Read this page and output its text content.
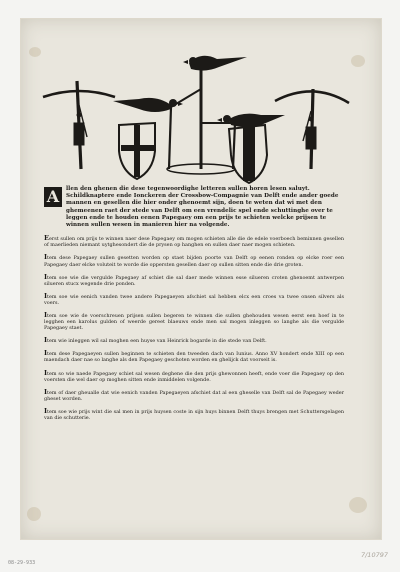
A	llen den ghenen die dese tegenwoordighe letteren sullen horen lesen saluyt. Schildknaptere ende Ionckeren der Crossbow-Compagnie van Delft ende ander goede mannen en gesellen die hier onder ghenoemt sijn, doen te weten dat wi met den ghemeenen raet der stede van Delft om een vrendelic spel ende schuttinghe over te leggen ende te houden eenen Papegaey om een prijs te schieten welcke prijsen te winnen sullen wesen in manieren hier na volgende.

Eerst sullen om prijs te winnen naer dese Papegaey om mogen schieten alle die de edele voerboech beminnen gesellen of maerlieden niemant uytghesondert die de prysen op hanghen en sullen daer naer mogen schieten.

Item dese Papegaey sullen gesetten worden op staet bijden poorte van Delft op eenen ronden op elcke roer een Papegaey daer elcke voluteit te worde die oppersten gesellen daer op sullen sitten ende die drie groten.

Item soe wie die vergulde Papegaey af schiet die sal daer mede winnen esse silueren croten ghenoemt antwerpen silueren stucx wegende drie ponden.

Item soe wie eenich vanden twee andere Papegaeyen afschiet sal hebben elcx een croes va twee onsen silvers als voers.

Item soe wie de voerschreuen prijsen sullen begeren te winnen die sullen ghehouden wesen eerst een hoef in te legghen een karolus gulden of weerde gereet blaeuws ende men sal mogen inleggen so langhe als die vergulde Papegaey staet.

Item wie inleggen wil sal moghen een huyse van Heinrick bogarde in die stede van Delft.

Item dese Papegaeyen sullen beginnen te schieten den tweeden dach van Iunius. Anno XV hondert ende XIII op een maendach daer nae so langhe als den Papegaey geschoten worden en ghelijck dat voorseit is.

Item so wie naede Papegaey schiet sal wesen deghene die den prijs ghewonnen heeft, ende voer die Papegaey op den voersten die wel daer op moghen sitten ende inmiddelen volgende.

Item of daer gheualle dat wie eenich vanden Papegaeyen afschiet dat al een gheselle van Delft sal de Papegaey weder gheset worden.

Item soe wie prijs wint die sal men in prijs huysen coste in sijn huys binnen Delft thuys brengen met Schuttersgelagen van die schutterie.

08-29-933
7/10797
